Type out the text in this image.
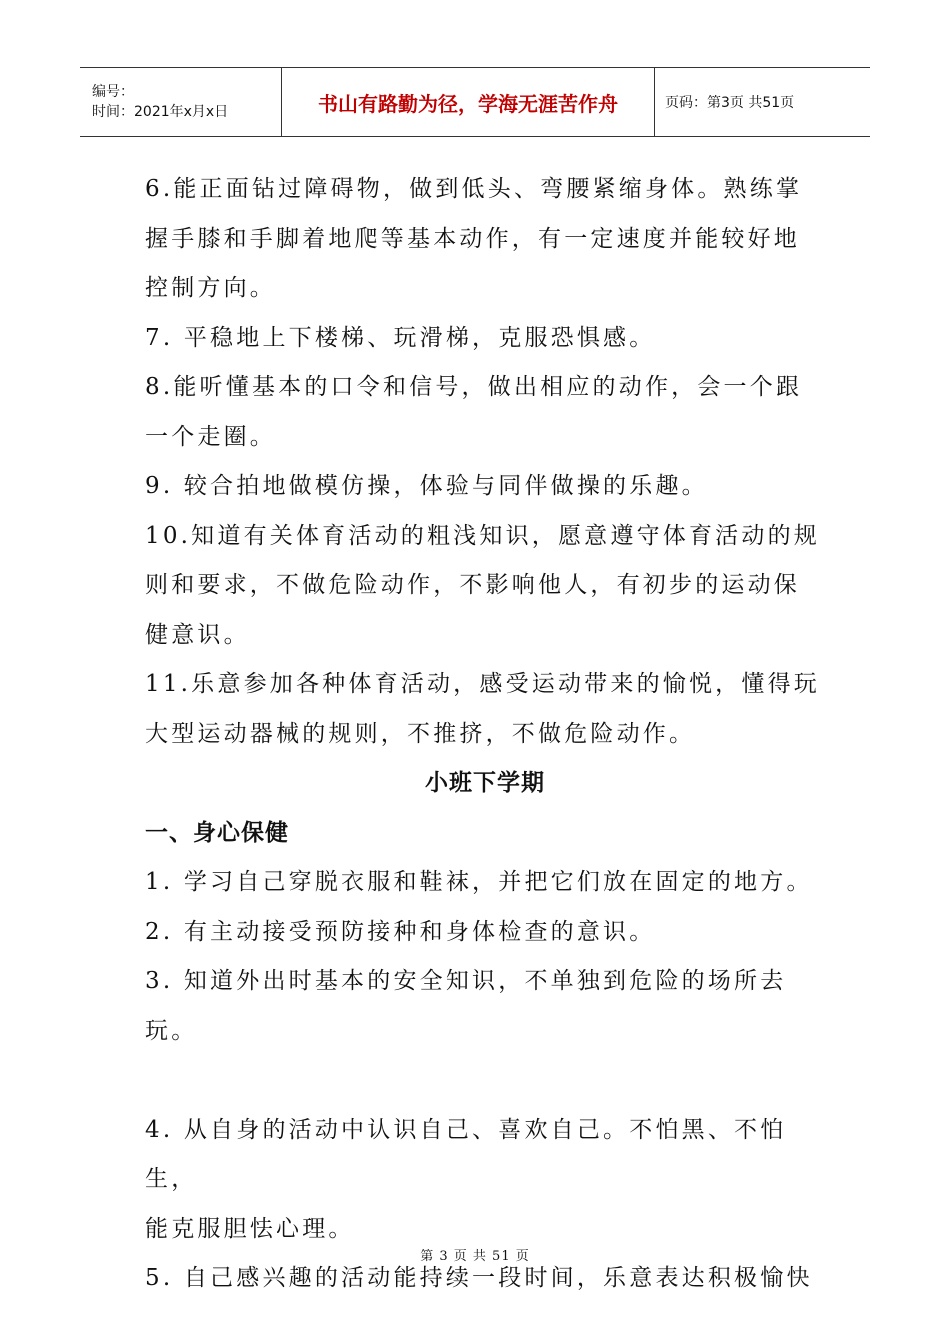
编号：
时间：2021年x月x日	书山有路勤为径，学海无涯苦作舟	页码：第3页 共51页

6.能正面钻过障碍物，做到低头、弯腰紧缩身体。熟练掌

握手膝和手脚着地爬等基本动作，有一定速度并能较好地

控制方向。

7. 平稳地上下楼梯、玩滑梯，克服恐惧感。

8.能听懂基本的口令和信号，做出相应的动作，会一个跟

一个走圈。

9. 较合拍地做模仿操，体验与同伴做操的乐趣。

10.知道有关体育活动的粗浅知识，愿意遵守体育活动的规

则和要求，不做危险动作，不影响他人，有初步的运动保

健意识。

11.乐意参加各种体育活动，感受运动带来的愉悦，懂得玩

大型运动器械的规则，不推挤，不做危险动作。

小班下学期

一、身心保健

1. 学习自己穿脱衣服和鞋袜，并把它们放在固定的地方。

2. 有主动接受预防接种和身体检查的意识。

3. 知道外出时基本的安全知识，不单独到危险的场所去玩。

4. 从自身的活动中认识自己、喜欢自己。不怕黑、不怕生，

能克服胆怯心理。

5. 自己感兴趣的活动能持续一段时间，乐意表达积极愉快

第 3 页 共 51 页
